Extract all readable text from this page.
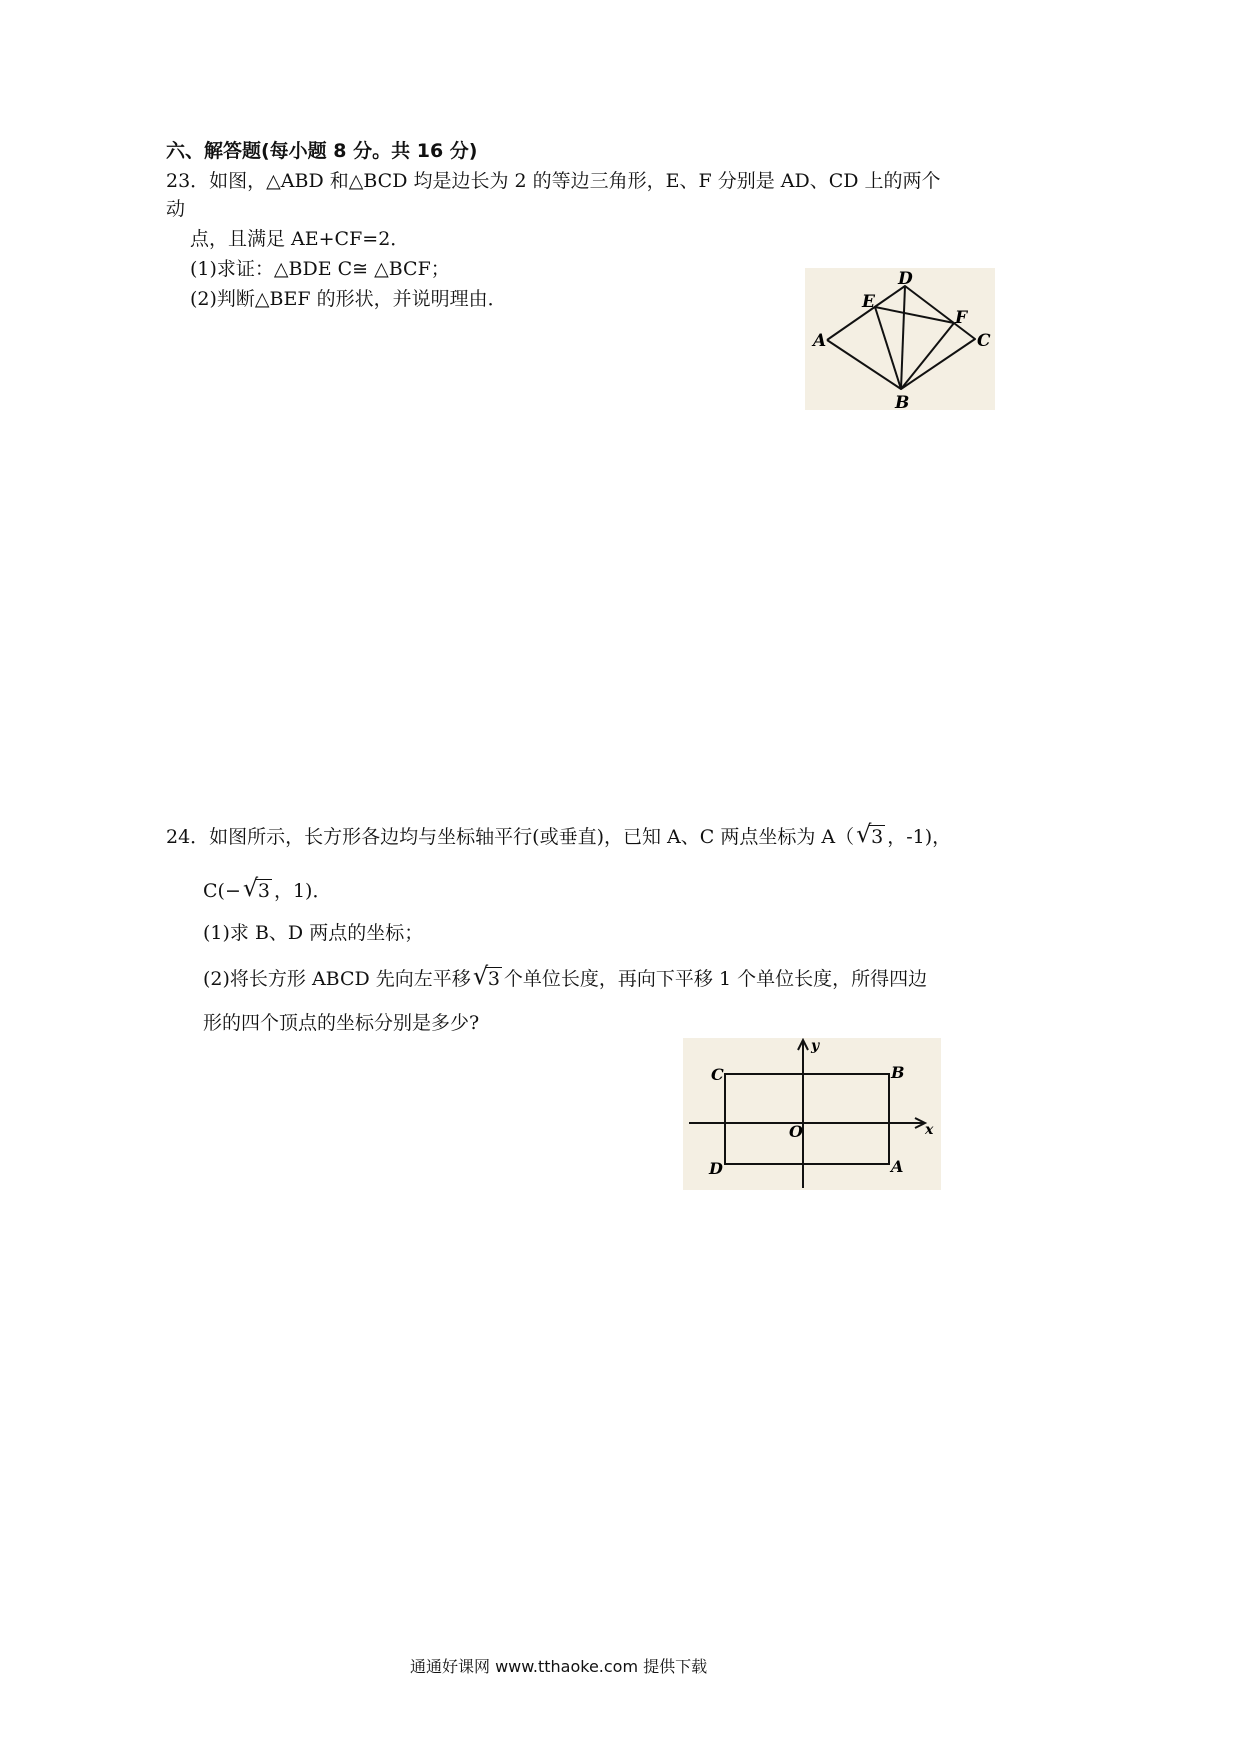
六、解答题(每小题 8 分。共 16 分)
23．如图，△ABD 和△BCD 均是边长为 2 的等边三角形，E、F 分别是 AD、CD 上的两个
动
点，且满足 AE+CF=2．
(1)求证：△BDE C≅ △BCF；
(2)判断△BEF 的形状，并说明理由．
A
B
C
D
E
F
24．如图所示，长方形各边均与坐标轴平行(或垂直)，已知 A、C 两点坐标为 A（ √ 3 ，-1)，
C(− √ 3 ，1)．
(1)求 B、D 两点的坐标；
(2)将长方形 ABCD 先向左平移 √ 3 个单位长度，再向下平移 1 个单位长度，所得四边
形的四个顶点的坐标分别是多少?
C	B
D	A
O	x
y
通通好课网 www.tthaoke.com 提供下载
